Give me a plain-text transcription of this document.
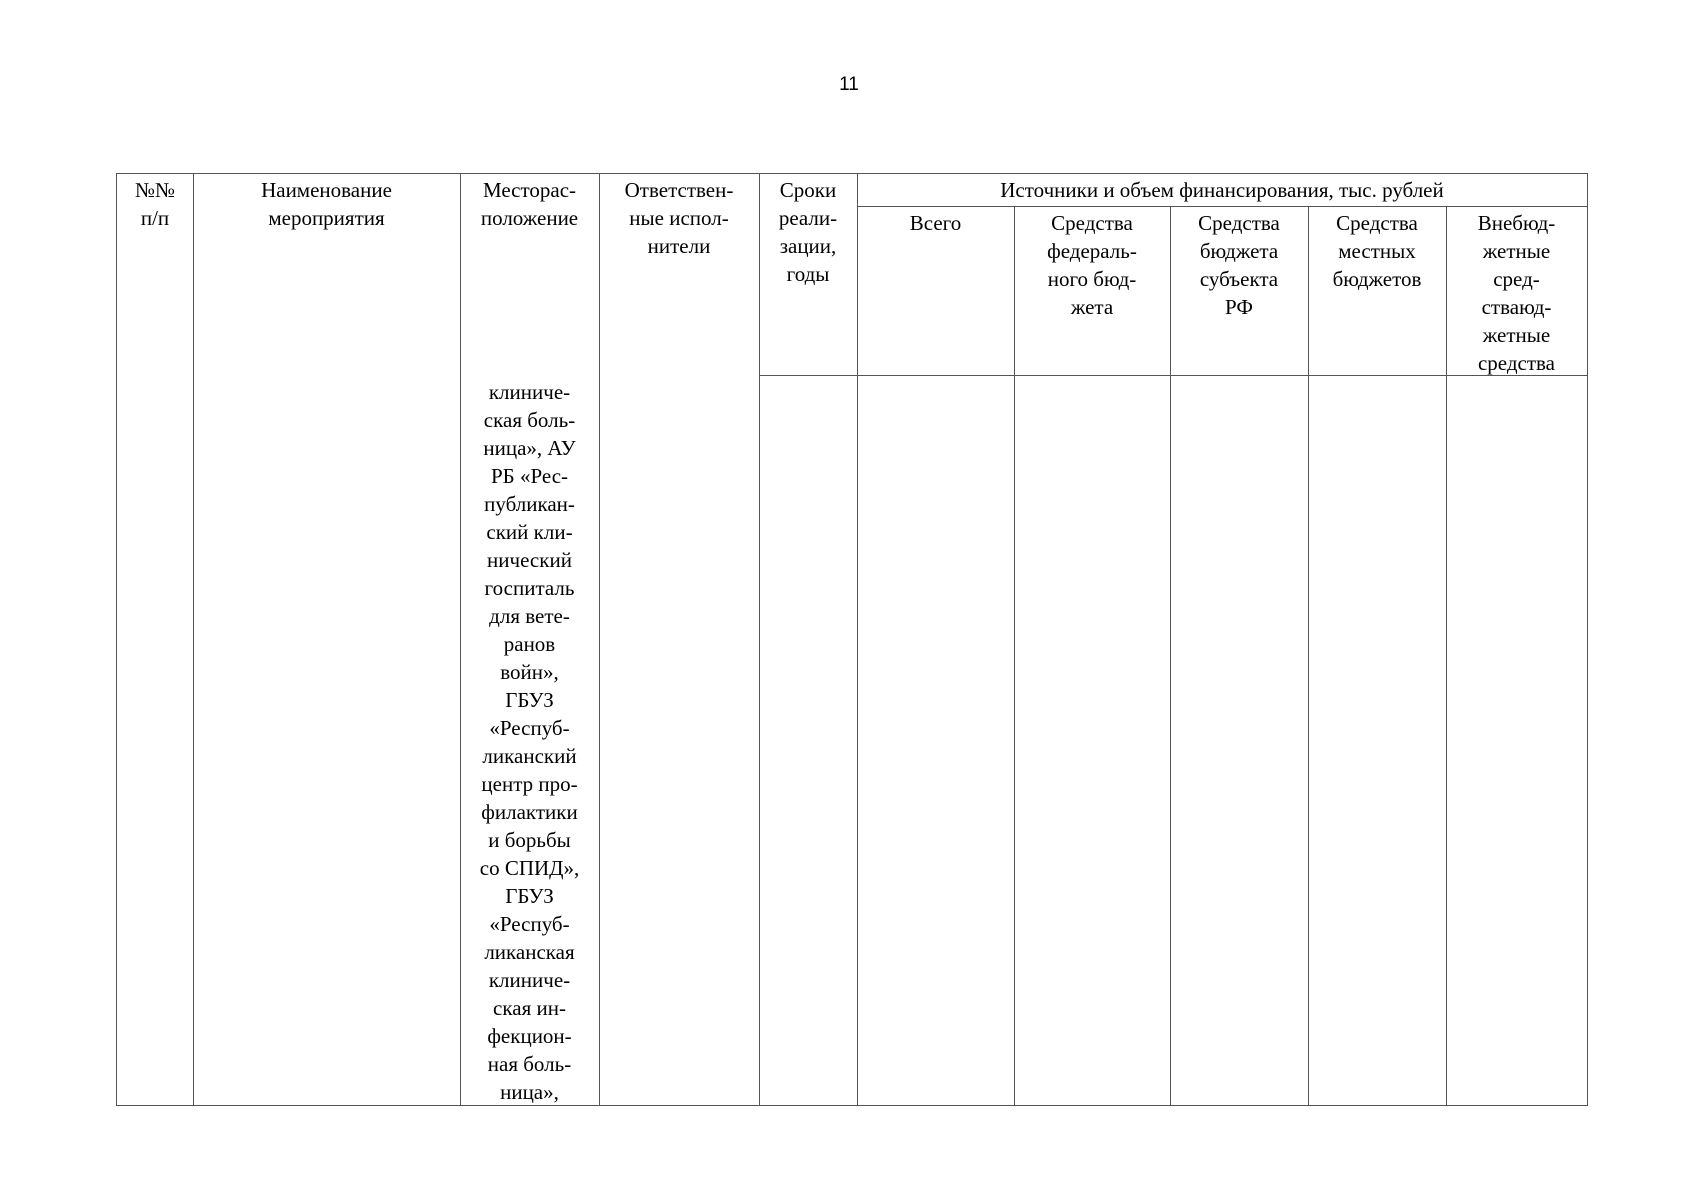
11
№№
п/п
Наименование
мероприятия
Месторас-
положение
Ответствен-
ные испол-
нители
Сроки
реали-
зации,
годы
Источники и объем финансирования, тыс. рублей
Всего	Средства
федераль-
ного бюд-
жета
Средства
бюджета
субъекта
РФ
Средства
местных
бюджетов
Внебюд-
жетные
сред-
стваюд-
жетные
средства
клиниче-
ская боль-
ница», АУ
РБ «Рес-
публикан-
ский кли-
нический
госпиталь
для вете-
ранов
войн»,
ГБУЗ
«Респуб-
ликанский
центр про-
филактики
и борьбы
со СПИД»,
ГБУЗ
«Респуб-
ликанская
клиниче-
ская ин-
фекцион-
ная боль-
ница»,
